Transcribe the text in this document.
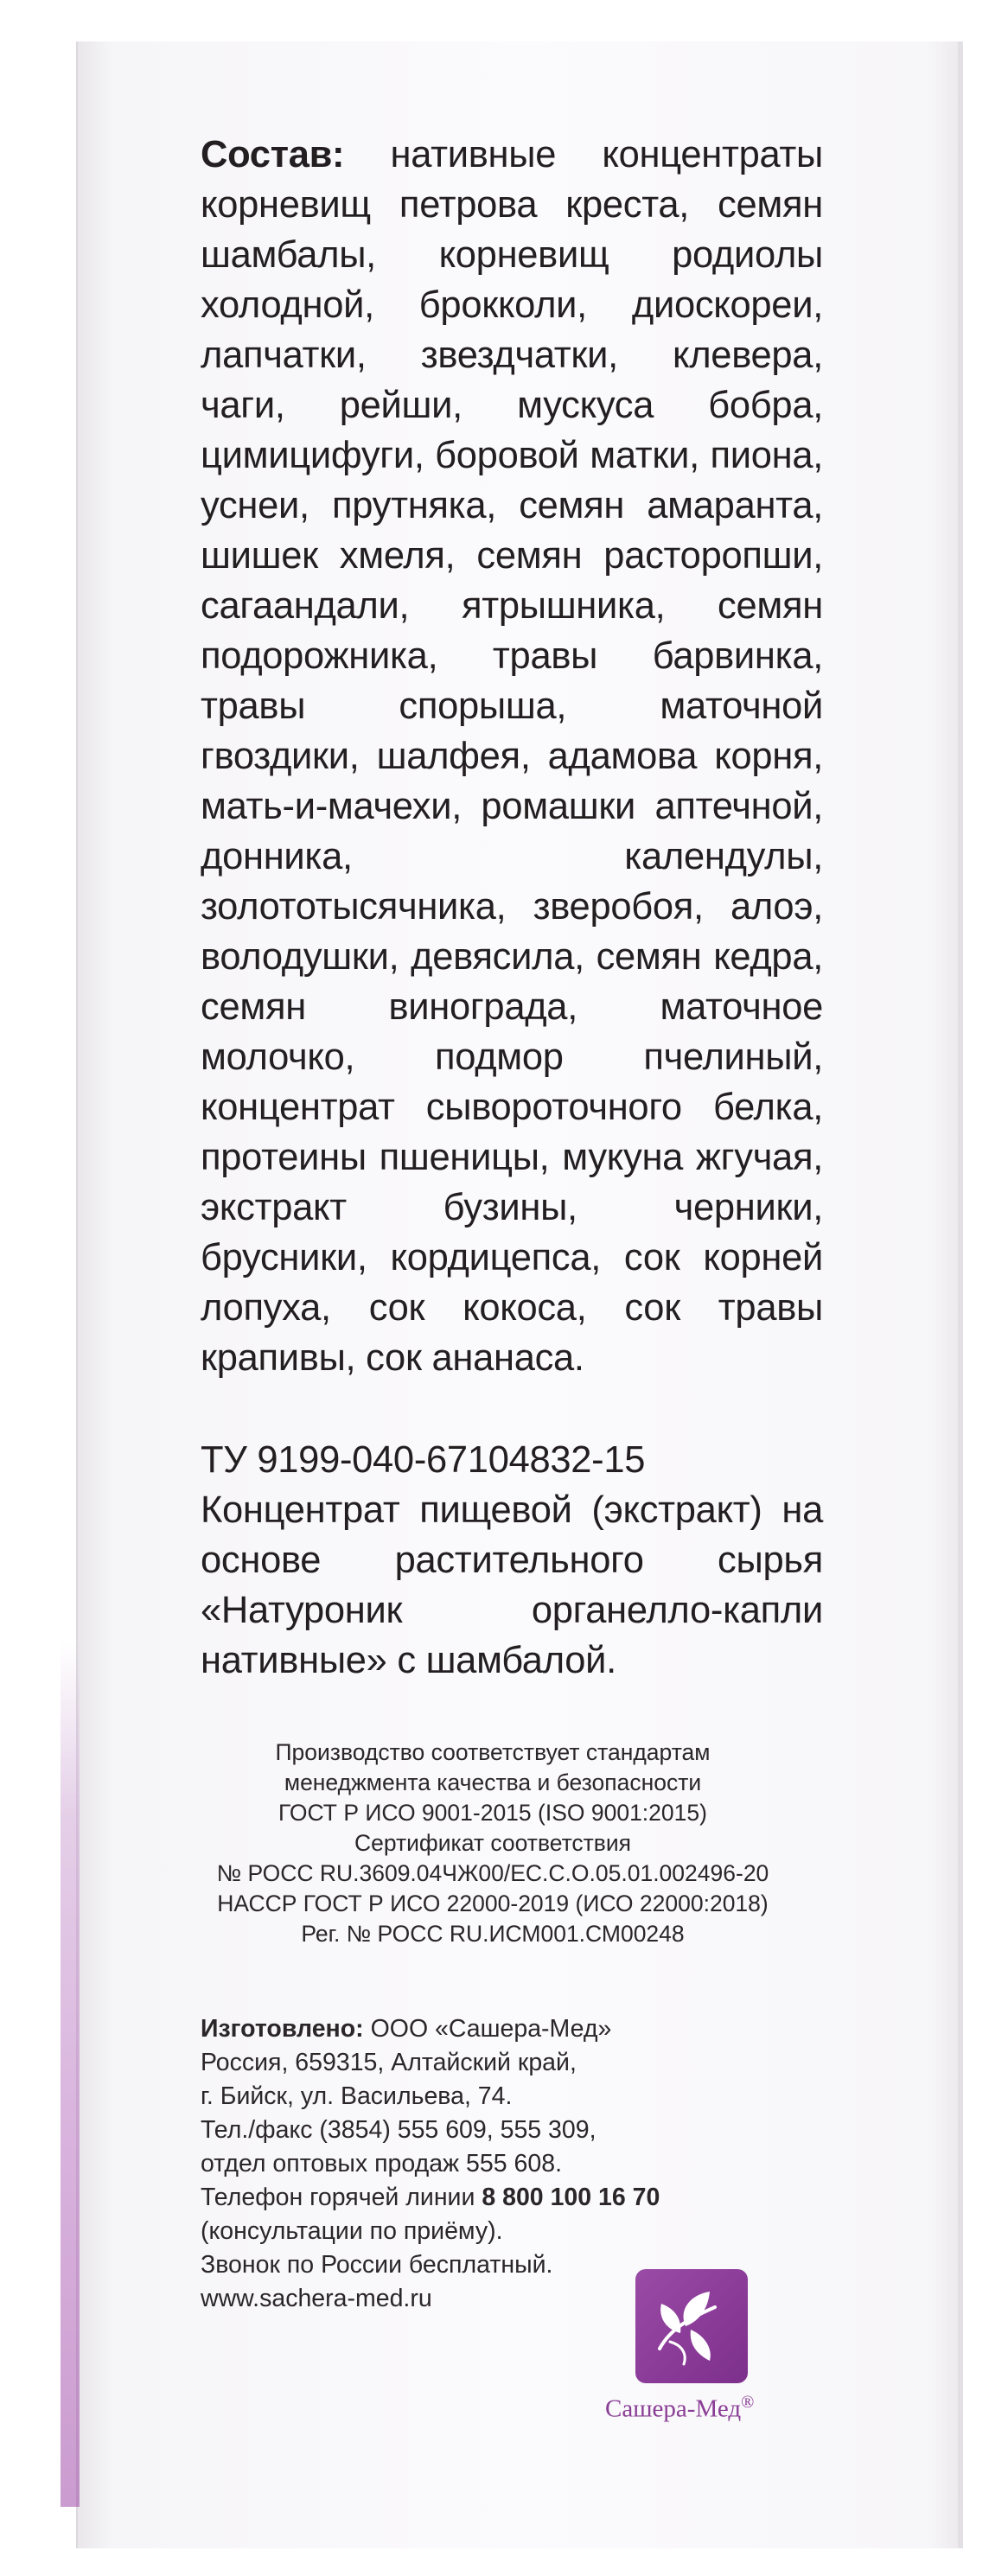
Состав: нативные концентраты корневищ петрова креста, семян шамбалы, корневищ родиолы холодной, брокколи, диоскореи, лапчатки, звездчатки, клевера, чаги, рейши, мускуса бобра, цимицифуги, боровой матки, пиона, уснеи, прутняка, семян амаранта, шишек хмеля, семян расторопши, сагаандали, ятрышника, семян подорожника, травы барвинка, травы спорыша, маточной гвоздики, шалфея, адамова корня, мать-и-мачехи, ромашки аптечной, донника, календулы, золототысячника, зверобоя, алоэ, володушки, девясила, семян кедра, семян винограда, маточное молочко, подмор пчелиный, концентрат сывороточного белка, протеины пшеницы, мукуна жгучая, экстракт бузины, черники, брусники, кордицепса, сок корней лопуха, сок кокоса, сок травы крапивы, сок ананаса.
ТУ 9199-040-67104832-15
Концентрат пищевой (экстракт) на основе растительного сырья «Натуроник органелло-капли нативные» с шамбалой.
Производство соответствует стандартам
менеджмента качества и безопасности
ГОСТ Р ИСО 9001-2015 (ISO 9001:2015)
Сертификат соответствия
№ РОСС RU.3609.04ЧЖ00/ЕС.С.О.05.01.002496-20
НАССР ГОСТ Р ИСО 22000-2019 (ИСО 22000:2018)
Рег. № РОСС RU.ИСМ001.СМ00248
Изготовлено: ООО «Сашера-Мед»
Россия, 659315, Алтайский край,
г. Бийск, ул. Васильева, 74.
Тел./факс (3854) 555 609, 555 309,
отдел оптовых продаж 555 608.
Телефон горячей линии 8 800 100 16 70
(консультации по приёму).
Звонок по России бесплатный.
www.sachera-med.ru
Сашера-Мед®
